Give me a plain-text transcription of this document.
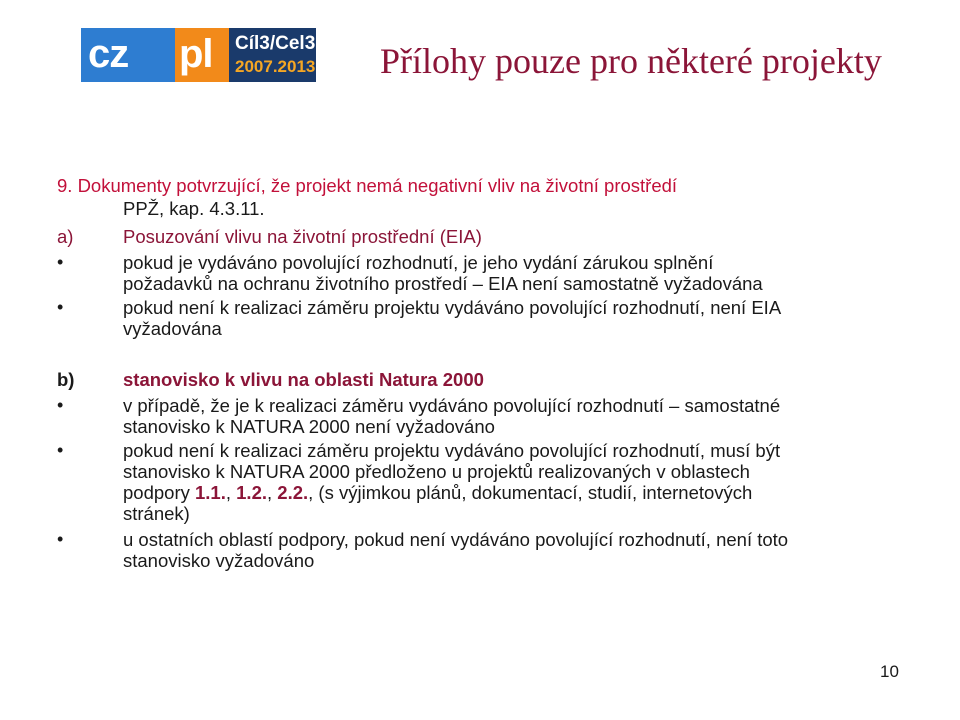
cz pl Cíl3/Cel3
2007.2013 Přílohy pouze pro některé projekty
9. Dokumenty potvrzující, že projekt nemá negativní vliv na životní prostředí
PPŽ, kap. 4.3.11.
a)	Posuzování vlivu na životní prostřední (EIA)
•	pokud je vydáváno povolující rozhodnutí, je jeho vydání zárukou splnění
požadavků na ochranu životního prostředí – EIA není samostatně vyžadována
•	pokud není k realizaci záměru projektu vydáváno povolující rozhodnutí, není EIA
vyžadována
b)	stanovisko k vlivu na oblasti Natura 2000
•	v případě, že je k realizaci záměru vydáváno povolující rozhodnutí – samostatné
stanovisko k NATURA 2000 není vyžadováno
•	pokud není k realizaci záměru projektu vydáváno povolující rozhodnutí, musí být
stanovisko k NATURA 2000 předloženo u projektů realizovaných v oblastech
podpory 1.1., 1.2., 2.2., (s výjimkou plánů, dokumentací, studií, internetových
stránek)
•	u ostatních oblastí podpory, pokud není vydáváno povolující rozhodnutí, není toto
stanovisko vyžadováno
10
